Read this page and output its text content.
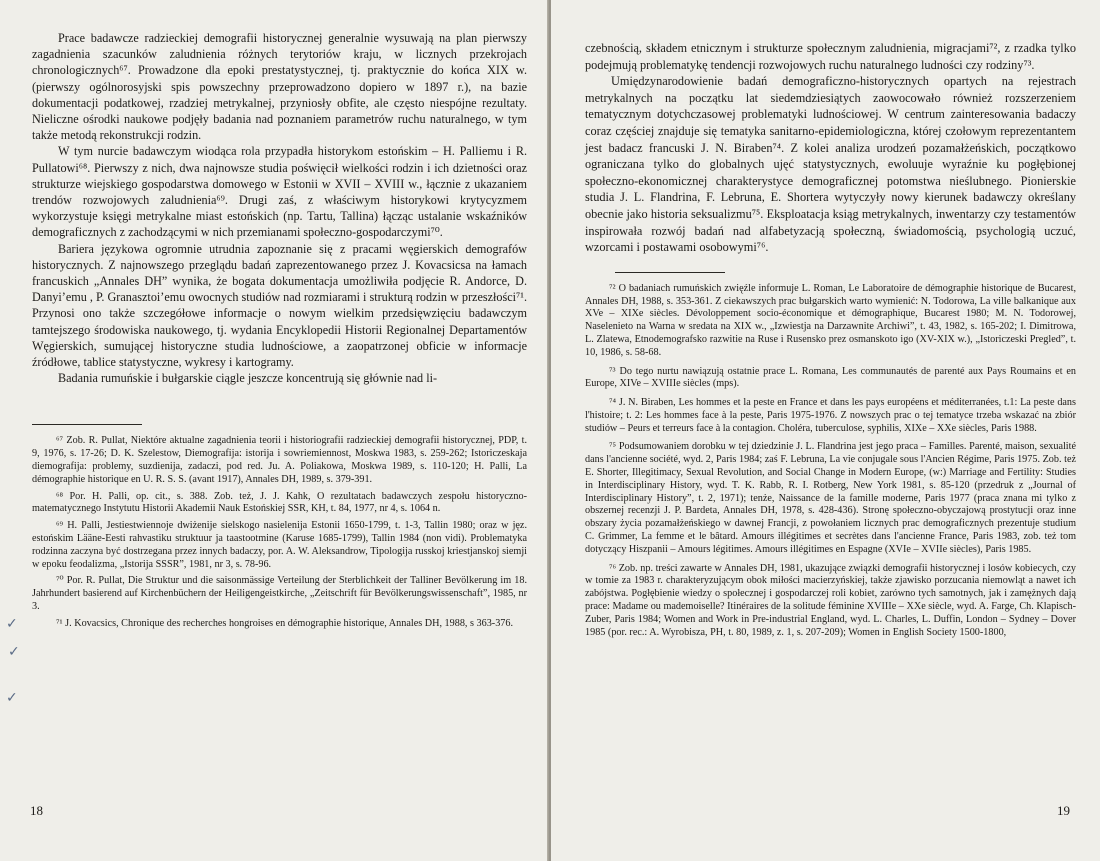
Prace badawcze radzieckiej demografii historycznej generalnie wysuwają na plan pierwszy zagadnienia szacunków zaludnienia różnych terytoriów kraju, w licznych przekrojach chronologicznych⁶⁷. Prowadzone dla epoki prestatystycznej, tj. praktycznie do końca XIX w. (pierwszy ogólnorosyjski spis powszechny przeprowadzono dopiero w 1897 r.), na bazie dokumentacji podatkowej, rzadziej metrykalnej, przyniosły obfite, ale często niespójne rezultaty. Nieliczne ośrodki naukowe podjęły badania nad poznaniem parametrów ruchu naturalnego, w tym także metodą rekonstrukcji rodzin.

W tym nurcie badawczym wiodąca rola przypadła historykom estońskim – H. Palliemu i R. Pullatowi⁶⁸. Pierwszy z nich, dwa najnowsze studia poświęcił wielkości rodzin i ich dzietności oraz strukturze wiejskiego gospodarstwa domowego w Estonii w XVII – XVIII w., łącznie z ukazaniem trendów rozwojowych zaludnienia⁶⁹. Drugi zaś, z właściwym historykowi krytycyzmem wykorzystuje księgi metrykalne miast estońskich (np. Tartu, Tallina) łącząc ustalanie wskaźników demograficznych z zachodzącymi w nich przemianami społeczno-gospodarczymi⁷⁰.

Bariera językowa ogromnie utrudnia zapoznanie się z pracami węgierskich demografów historycznych. Z najnowszego przeglądu badań zaprezentowanego przez J. Kovacsicsa na łamach francuskich „Annales DH” wynika, że bogata dokumentacja umożliwiła podjęcie R. Andorce, D. Danyi’emu , P. Granasztoi’emu owocnych studiów nad rozmiarami i strukturą rodzin w przeszłości⁷¹. Przynosi ono także szczegółowe informacje o nowym wielkim przedsięwzięciu badawczym tamtejszego środowiska naukowego, tj. wydania Encyklopedii Historii Regionalnej Departamentów Węgierskich, sumującej historyczne studia ludnościowe, a zaopatrzonej obficie w informacje źródłowe, tablice statystyczne, wykresy i kartogramy.

Badania rumuńskie i bułgarskie ciągle jeszcze koncentrują się głównie nad li-

⁶⁷ Zob. R. Pullat, Niektóre aktualne zagadnienia teorii i historiografii radzieckiej demografii historycznej, PDP, t. 9, 1976, s. 17-26; D. K. Szelestow, Diemografija: istorija i sowriemiennost, Moskwa 1983, s. 259-262; Istoriczeskaja diemografija: problemy, suzdienija, zadaczi, pod red. Ju. A. Poliakowa, Moskwa 1989, s. 110-120; H. Palli, La démographie historique en U. R. S. S. (avant 1917), Annales DH, 1989, s. 379-391.

⁶⁸ Por. H. Palli, op. cit., s. 388. Zob. też, J. J. Kahk, O rezultatach badawczych zespołu historyczno-matematycznego Instytutu Historii Akademii Nauk Estońskiej SSR, KH, t. 84, 1977, nr 4, s. 1064 n.

⁶⁹ H. Palli, Jestiestwiennoje dwiżenije sielskogo nasielenija Estonii 1650-1799, t. 1-3, Tallin 1980; oraz w jęz. estońskim Lääne-Eesti rahvastiku struktuur ja taastootmine (Karuse 1685-1799), Tallin 1984 (non vidi). Problematyka rodzinna zaczyna być dostrzegana przez innych badaczy, por. A. W. Aleksandrow, Tipologija russkoj kriestjanskoj siemji w epoku feodalizma, „Istorija SSSR”, 1981, nr 3, s. 78-96.

⁷⁰ Por. R. Pullat, Die Struktur und die saisonmässige Verteilung der Sterblichkeit der Talliner Bevölkerung im 18. Jahrhundert basierend auf Kirchenbüchern der Heiligengeistkirche, „Zeitschrift für Bevölkerungswissenschaft”, 1985, nr 3.

⁷¹ J. Kovacsics, Chronique des recherches hongroises en démographie historique, Annales DH, 1988, s 363-376.

18
✓
✓
✓

czebnością, składem etnicznym i strukturze społecznym zaludnienia, migracjami⁷², z rzadka tylko podejmują problematykę tendencji rozwojowych ruchu naturalnego ludności czy rodziny⁷³.

Umiędzynarodowienie badań demograficzno-historycznych opartych na rejestrach metrykalnych na początku lat siedemdziesiątych zaowocowało również rozszerzeniem tematycznym dotychczasowej problematyki ludnościowej. W centrum zainteresowania badaczy coraz częściej znajduje się tematyka sanitarno-epidemiologiczna, której czołowym reprezentantem jest badacz francuski J. N. Biraben⁷⁴. Z kolei analiza urodzeń pozamałżeńskich, początkowo ograniczana tylko do globalnych ujęć statystycznych, ewoluuje wyraźnie ku pogłębionej społeczno-ekonomicznej charakterystyce demograficznej potomstwa nieślubnego. Pionierskie studia J. L. Flandrina, F. Lebruna, E. Shortera wytyczyły nowy kierunek badawczy określany obecnie jako historia seksualizmu⁷⁵. Eksploatacja ksiąg metrykalnych, inwentarzy czy testamentów inspirowała rozwój badań nad alfabetyzacją społeczną, świadomością, psychologią uczuć, wzorcami i postawami osobowymi⁷⁶.

⁷² O badaniach rumuńskich zwięźle informuje L. Roman, Le Laboratoire de démographie historique de Bucarest, Annales DH, 1988, s. 353-361. Z ciekawszych prac bułgarskich warto wymienić: N. Todorowa, La ville balkanique aux XVe – XIXe siècles. Dévoloppement socio-économique et démographique, Bucarest 1980; M. N. Todorowej, Naselenieto na Warna w sredata na XIX w., „Izwiestja na Darzawnite Archiwi”, t. 43, 1982, s. 165-202; I. Dimitrowa, L. Zlatewa, Etnodemografsko razwitie na Ruse i Rusensko prez osmanskoto igo (XV-XIX w.), „Istoriczeski Pregled”, t. 10, 1986, s. 58-68.

⁷³ Do tego nurtu nawiązują ostatnie prace L. Romana, Les communautés de parenté aux Pays Roumains et en Europe, XIVe – XVIIIe siècles (mps).

⁷⁴ J. N. Biraben, Les hommes et la peste en France et dans les pays européens et méditerranées, t.1: La peste dans l'histoire; t. 2: Les hommes face à la peste, Paris 1975-1976. Z nowszych prac o tej tematyce trzeba wskazać na zbiór studiów – Peurs et terreurs face à la contagion. Choléra, tuberculose, syphilis, XIXe – XXe siècles, Paris 1988.

⁷⁵ Podsumowaniem dorobku w tej dziedzinie J. L. Flandrina jest jego praca – Familles. Parenté, maison, sexualité dans l'ancienne société, wyd. 2, Paris 1984; zaś F. Lebruna, La vie conjugale sous l'Ancien Régime, Paris 1975. Zob. też E. Shorter, Illegitimacy, Sexual Revolution, and Social Change in Modern Europe, (w:) Marriage and Fertility: Studies in Interdisciplinary History, wyd. T. K. Rabb, R. I. Rotberg, New York 1981, s. 85-120 (przedruk z „Journal of Interdisciplinary History”, t. 2, 1971); tenże, Naissance de la famille moderne, Paris 1977 (praca znana mi tylko z obszernej recenzji J. P. Bardeta, Annales DH, 1978, s. 428-436). Stronę społeczno-obyczajową prostytucji oraz inne obszary życia pozamałżeńskiego w dawnej Francji, z powołaniem licznych prac demograficznych prezentuje studium C. Grimmer, La femme et le bâtard. Amours illégitimes et secrètes dans l'ancienne France, Paris 1983, zob. też tom dotyczący Hiszpanii – Amours légitimes. Amours illégitimes en Espagne (XVIe – XVIIe siècles), Paris 1985.

⁷⁶ Zob. np. treści zawarte w Annales DH, 1981, ukazujące związki demografii historycznej i losów kobiecych, czy w tomie za 1983 r. charakteryzującym obok miłości macierzyńskiej, także zjawisko porzucania niemowląt a nawet ich zabójstwa. Pogłębienie wiedzy o społecznej i gospodarczej roli kobiet, zarówno tych samotnych, jak i zamężnych dają prace: Madame ou mademoiselle? Itinéraires de la solitude féminine XVIIIe – XXe siècle, wyd. A. Farge, Ch. Klapisch-Zuber, Paris 1984; Women and Work in Pre-industrial England, wyd. L. Charles, L. Duffin, London – Sydney – Dover 1985 (por. rec.: A. Wyrobisza, PH, t. 80, 1989, z. 1, s. 207-209); Women in English Society 1500-1800,

19
